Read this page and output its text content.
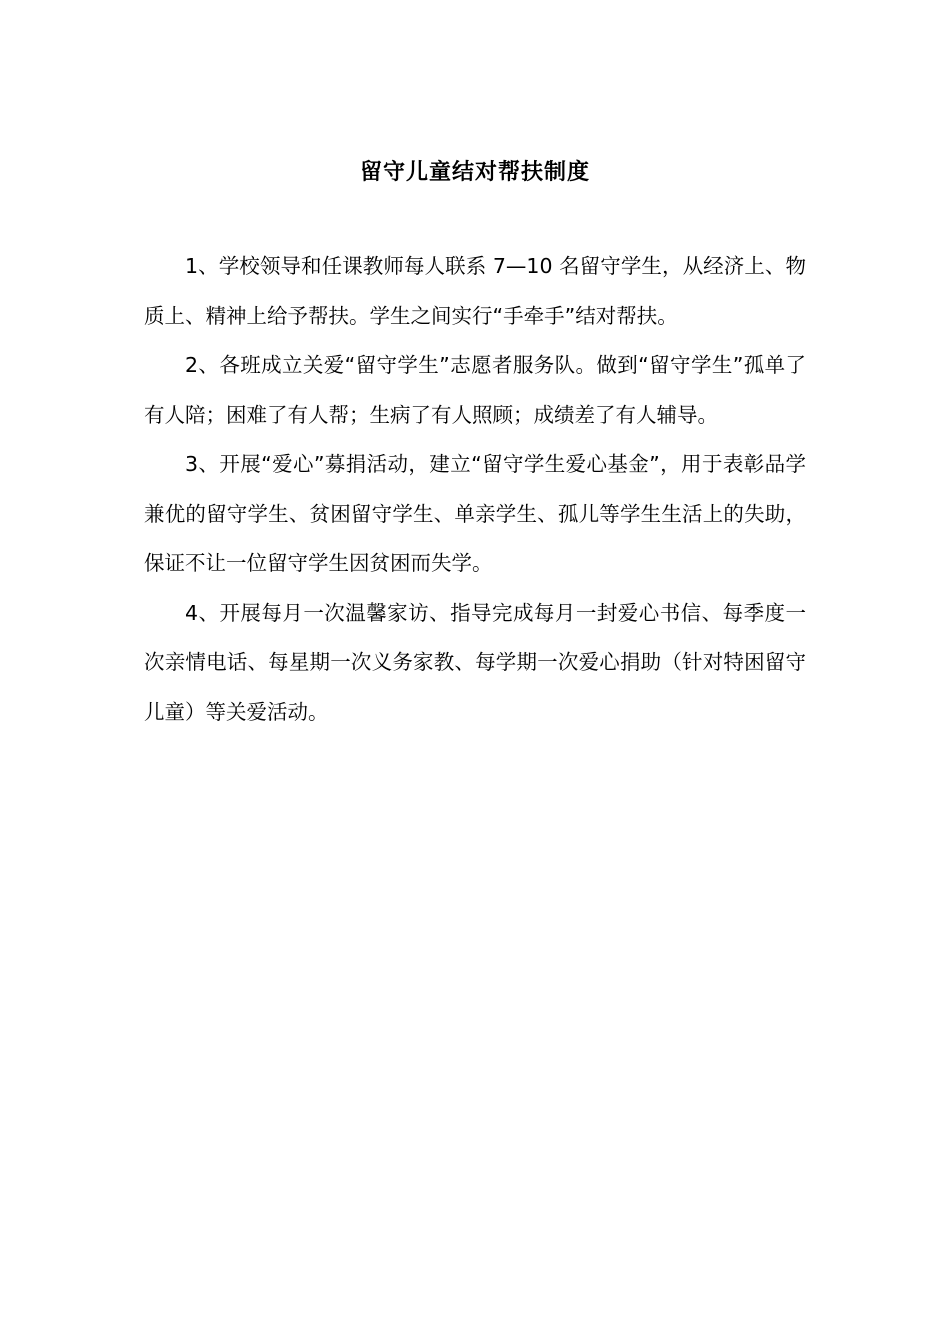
留守儿童结对帮扶制度

1、学校领导和任课教师每人联系 7—10 名留守学生，从经济上、物质上、精神上给予帮扶。学生之间实行“手牵手”结对帮扶。

2、各班成立关爱“留守学生”志愿者服务队。做到“留守学生”孤单了有人陪；困难了有人帮；生病了有人照顾；成绩差了有人辅导。

3、开展“爱心”募捐活动，建立“留守学生爱心基金”，用于表彰品学兼优的留守学生、贫困留守学生、单亲学生、孤儿等学生生活上的失助，保证不让一位留守学生因贫困而失学。

4、开展每月一次温馨家访、指导完成每月一封爱心书信、每季度一次亲情电话、每星期一次义务家教、每学期一次爱心捐助（针对特困留守儿童）等关爱活动。
